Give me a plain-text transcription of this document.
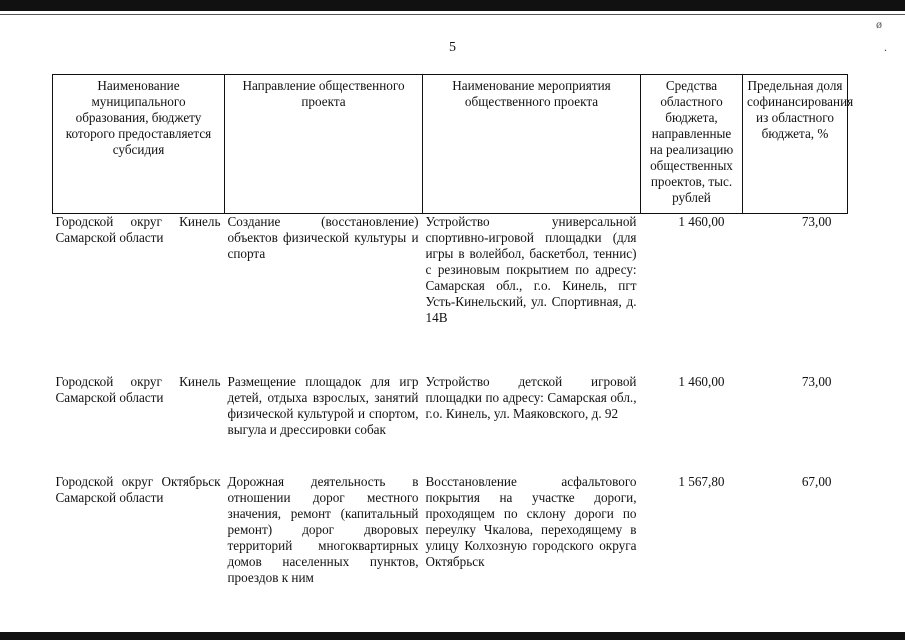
ø
.
5
Наименование муниципального образования, бюджету которого предоставляется субсидия	Направление общественного проекта	Наименование мероприятия общественного проекта	Средства областного бюджета, направленные на реализацию общественных проектов, тыс. рублей	Предельная доля софинансирования из областного бюджета, %
Городской округ Кинель Самарской области	Создание (восстановление) объектов физической культуры и спорта	Устройство универсальной спортивно-игровой площадки (для игры в волейбол, баскетбол, теннис) с резиновым покрытием по адресу: Самарская обл., г.о. Кинель, пгт Усть-Кинельский, ул. Спортивная, д. 14В	1 460,00	73,00
Городской округ Кинель Самарской области	Размещение площадок для игр детей, отдыха взрослых, занятий физической культурой и спортом, выгула и дрессировки собак	Устройство детской игровой площадки по адресу: Самарская обл., г.о. Кинель, ул. Маяковского, д. 92	1 460,00	73,00
Городской округ Октябрьск Самарской области	Дорожная деятельность в отношении дорог местного значения, ремонт (капитальный ремонт) дорог дворовых территорий многоквартирных домов населенных пунктов, проездов к ним	Восстановление асфальтового покрытия на участке дороги, проходящем по склону дороги по переулку Чкалова, переходящему в улицу Колхозную городского округа Октябрьск	1 567,80	67,00
